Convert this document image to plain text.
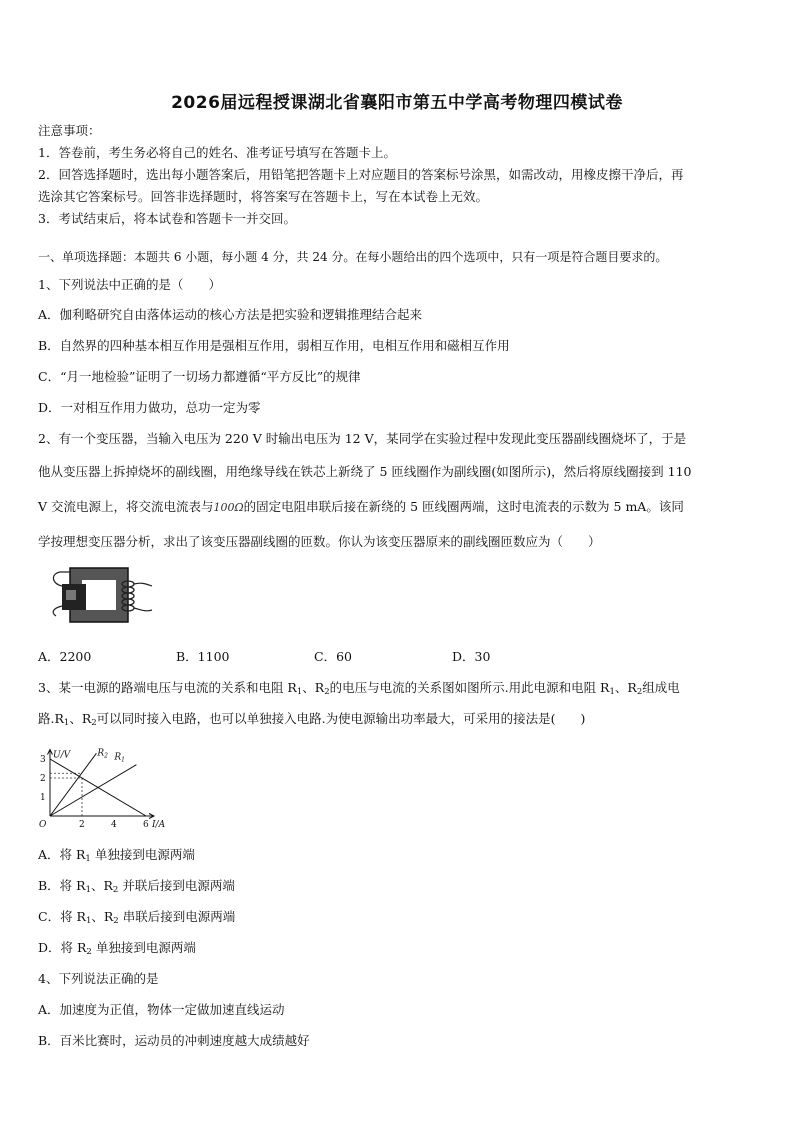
2026届远程授课湖北省襄阳市第五中学高考物理四模试卷
注意事项：
1．答卷前，考生务必将自己的姓名、准考证号填写在答题卡上。
2．回答选择题时，选出每小题答案后，用铅笔把答题卡上对应题目的答案标号涂黑，如需改动，用橡皮擦干净后，再
选涂其它答案标号。回答非选择题时，将答案写在答题卡上，写在本试卷上无效。
3．考试结束后，将本试卷和答题卡一并交回。
一、单项选择题：本题共 6 小题，每小题 4 分，共 24 分。在每小题给出的四个选项中，只有一项是符合题目要求的。
1、下列说法中正确的是（　　）
A．伽利略研究自由落体运动的核心方法是把实验和逻辑推理结合起来
B．自然界的四种基本相互作用是强相互作用，弱相互作用，电相互作用和磁相互作用
C．“月一地检验”证明了一切场力都遵循“平方反比”的规律
D．一对相互作用力做功，总功一定为零
2、有一个变压器，当输入电压为 220 V 时输出电压为 12 V，某同学在实验过程中发现此变压器副线圈烧坏了，于是
他从变压器上拆掉烧坏的副线圈，用绝缘导线在铁芯上新绕了 5 匝线圈作为副线圈(如图所示)，然后将原线圈接到 110
V 交流电源上，将交流电流表与100Ω的固定电阻串联后接在新绕的 5 匝线圈两端，这时电流表的示数为 5 mA。该同
学按理想变压器分析，求出了该变压器副线圈的匝数。你认为该变压器原来的副线圈匝数应为（　　）
A．2200	B．1100	C．60	D．30
3、某一电源的路端电压与电流的关系和电阻 $R_1$、$R_2$的电压与电流的关系图如图所示.用此电源和电阻 $R_1$、$R_2$组成电
路$.R_1$、$R_2$可以同时接入电路，也可以单独接入电路.为使电源输出功率最大，可采用的接法是(　　)
$R_2$ $R_1$
2	4	6
1
2
3 U/V
I/A
O
A．将 $R_1$ 单独接到电源两端
B．将 $R_1$、$R_2$ 并联后接到电源两端
C．将 $R_1$、$R_2$ 串联后接到电源两端
D．将 $R_2$ 单独接到电源两端
4、下列说法正确的是
A．加速度为正值，物体一定做加速直线运动
B．百米比赛时，运动员的冲刺速度越大成绩越好
